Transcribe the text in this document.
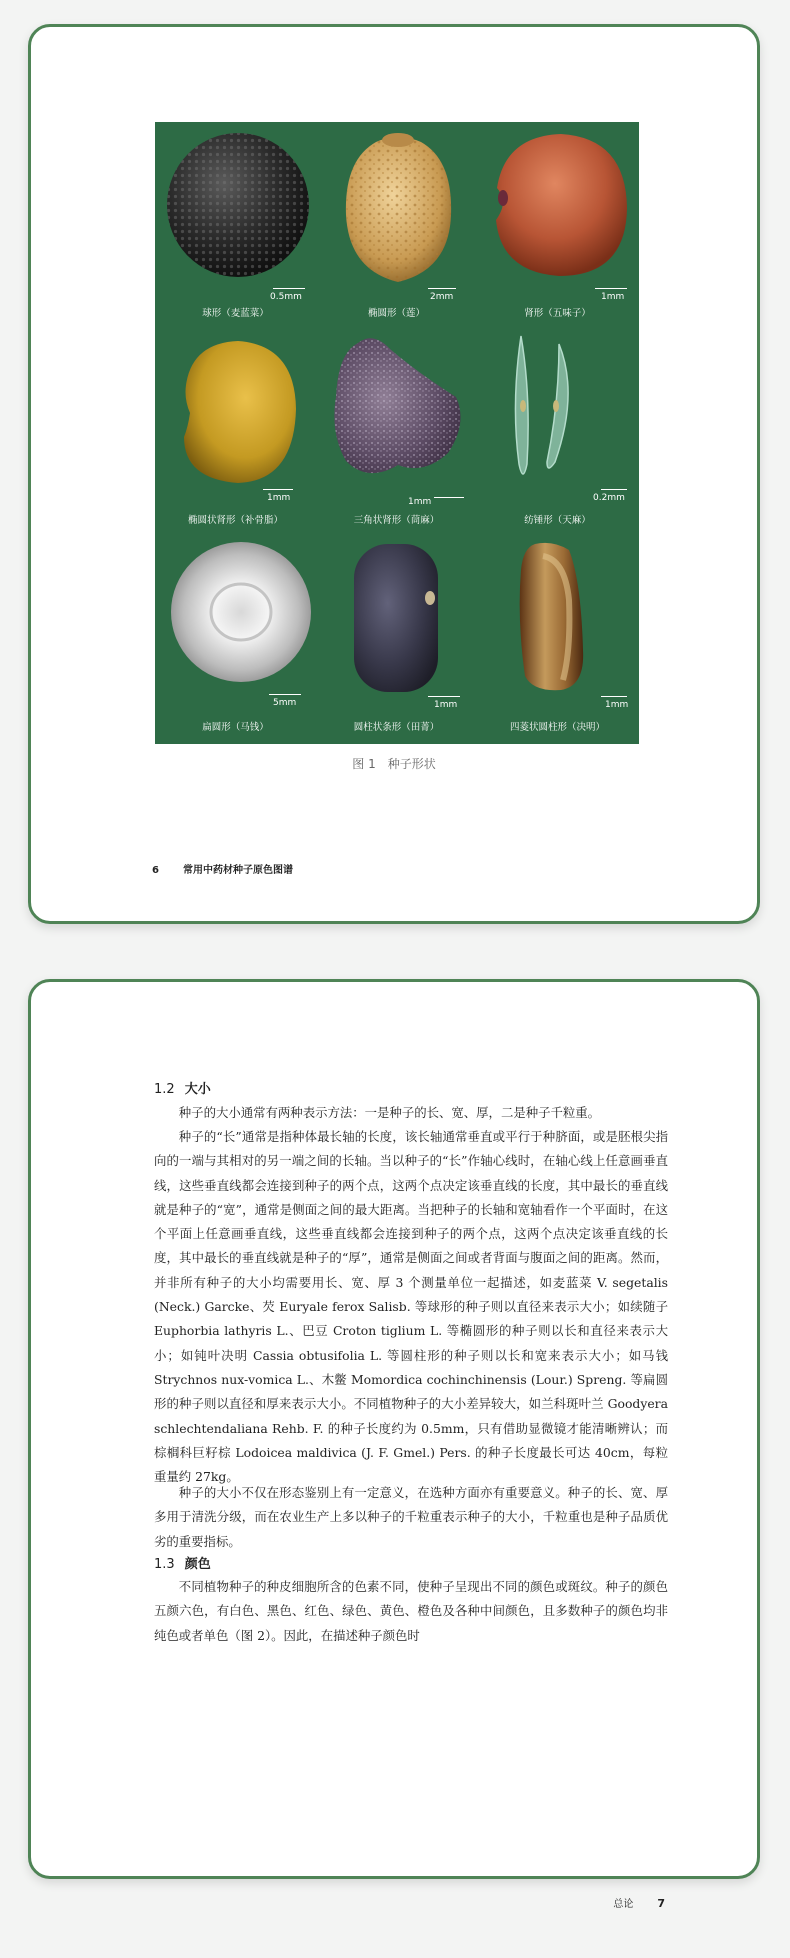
0.5mm
球形（麦蓝菜）
2mm
椭圆形（莲）
1mm
肾形（五味子）
1mm
椭圆状肾形（补骨脂）
1mm
三角状肾形（茼麻）
0.2mm
纺锤形（天麻）
5mm
扁圆形（马钱）
1mm
圆柱状条形（田菁）
1mm
四菱状圆柱形（决明）
图 1　种子形状
6 常用中药材种子原色图谱
1.2 大小

种子的大小通常有两种表示方法：一是种子的长、宽、厚，二是种子千粒重。

种子的“长”通常是指种体最长轴的长度，该长轴通常垂直或平行于种脐面，或是胚根尖指向的一端与其相对的另一端之间的长轴。当以种子的“长”作轴心线时，在轴心线上任意画垂直线，这些垂直线都会连接到种子的两个点，这两个点决定该垂直线的长度，其中最长的垂直线就是种子的“宽”，通常是侧面之间的最大距离。当把种子的长轴和宽轴看作一个平面时，在这个平面上任意画垂直线，这些垂直线都会连接到种子的两个点，这两个点决定该垂直线的长度，其中最长的垂直线就是种子的“厚”，通常是侧面之间或者背面与腹面之间的距离。然而，并非所有种子的大小均需要用长、宽、厚 3 个测量单位一起描述，如麦蓝菜 V. segetalis (Neck.) Garcke、芡 Euryale ferox Salisb. 等球形的种子则以直径来表示大小；如续随子 Euphorbia lathyris L.、巴豆 Croton tiglium L. 等椭圆形的种子则以长和直径来表示大小；如钝叶决明 Cassia obtusifolia L. 等圆柱形的种子则以长和宽来表示大小；如马钱 Strychnos nux-vomica L.、木鳖 Momordica cochinchinensis (Lour.) Spreng. 等扁圆形的种子则以直径和厚来表示大小。不同植物种子的大小差异较大，如兰科斑叶兰 Goodyera schlechtendaliana Rehb. F. 的种子长度约为 0.5mm，只有借助显微镜才能清晰辨认；而棕榈科巨籽棕 Lodoicea maldivica (J. F. Gmel.) Pers. 的种子长度最长可达 40cm，每粒重量约 27kg。

种子的大小不仅在形态鉴别上有一定意义，在选种方面亦有重要意义。种子的长、宽、厚多用于清洗分级，而在农业生产上多以种子的千粒重表示种子的大小，千粒重也是种子品质优劣的重要指标。

1.3 颜色

不同植物种子的种皮细胞所含的色素不同，使种子呈现出不同的颜色或斑纹。种子的颜色五颜六色，有白色、黑色、红色、绿色、黄色、橙色及各种中间颜色，且多数种子的颜色均非纯色或者单色（图 2）。因此，在描述种子颜色时

总论 7
